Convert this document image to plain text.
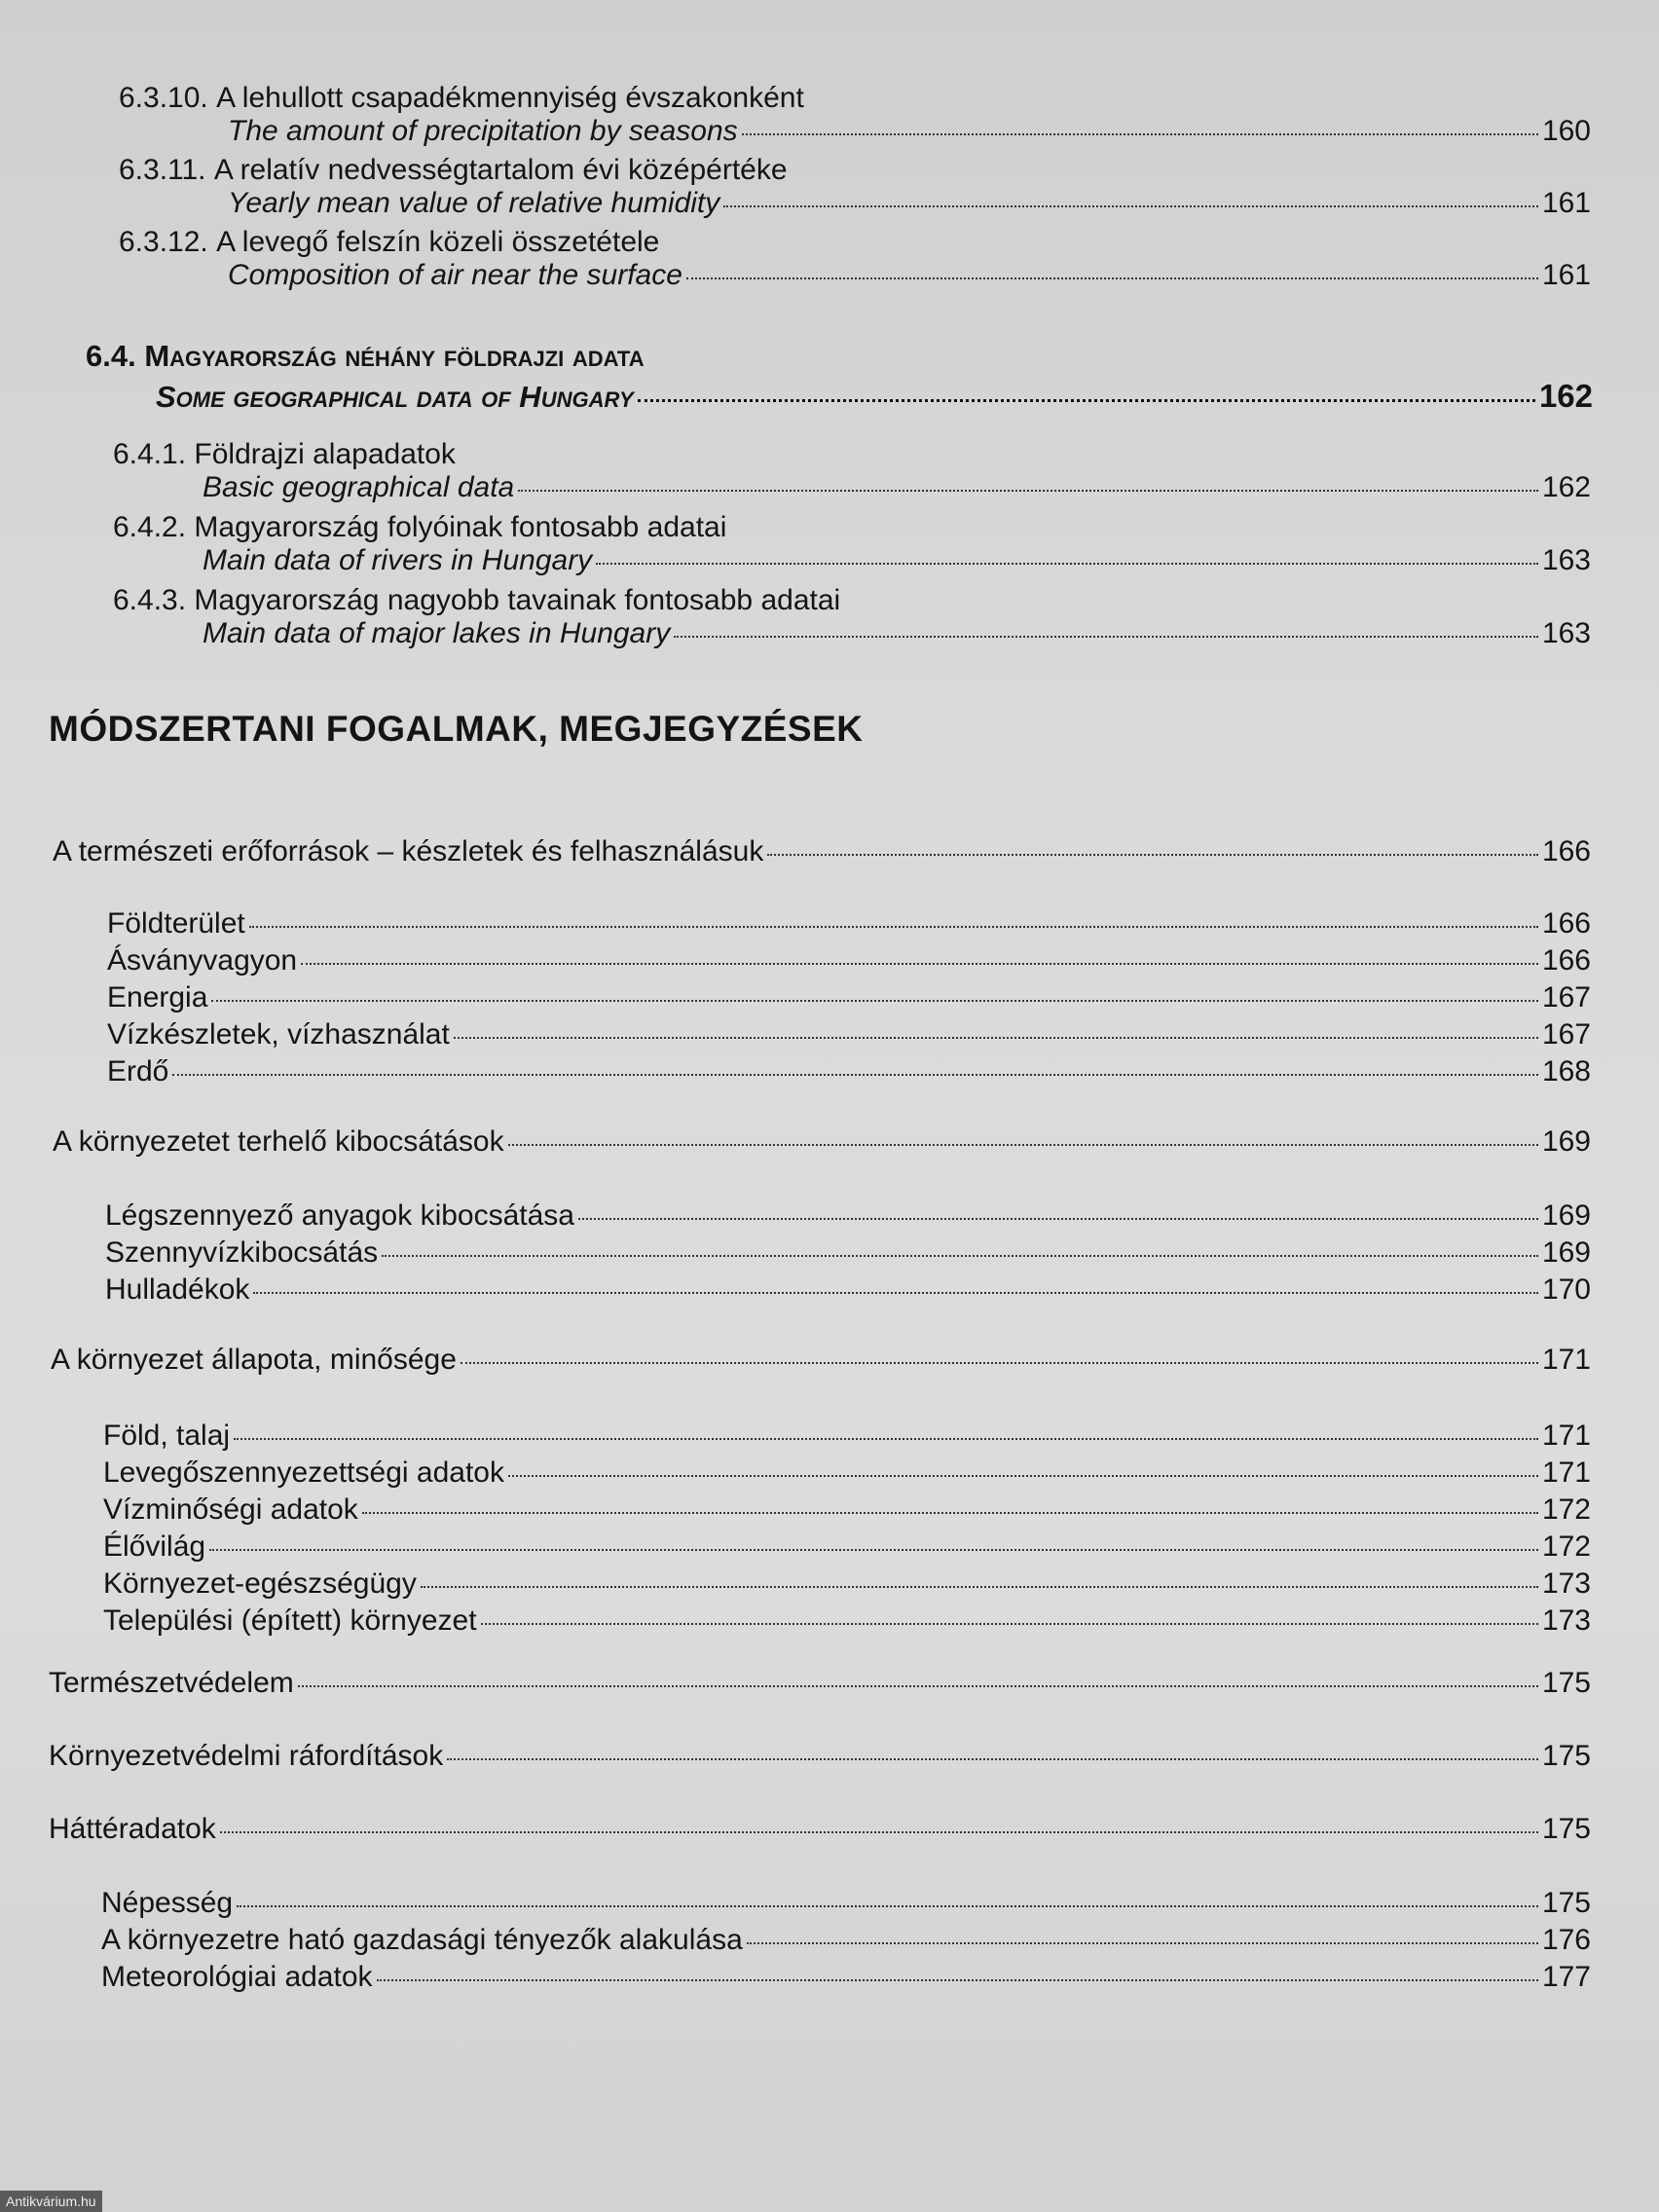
6.3.10.
A lehullott csapadékmennyiség évszakonként
The amount of precipitation by seasons	160
6.3.11.
A relatív nedvességtartalom évi középértéke
Yearly mean value of relative humidity	161
6.3.12.
A levegő felszín közeli összetétele
Composition of air near the surface	161
6.4.
Magyarország néhány földrajzi adata
Some geographical data of Hungary	162
6.4.1.
Földrajzi alapadatok
Basic geographical data	162
6.4.2.
Magyarország folyóinak fontosabb adatai
Main data of rivers in Hungary	163
6.4.3.
Magyarország nagyobb tavainak fontosabb adatai
Main data of major lakes in Hungary	163
MÓDSZERTANI FOGALMAK, MEGJEGYZÉSEK
A természeti erőforrások – készletek és felhasználásuk	166
Földterület	166
Ásványvagyon	166
Energia	167
Vízkészletek, vízhasználat	167
Erdő	168
A környezetet terhelő kibocsátások	169
Légszennyező anyagok kibocsátása	169
Szennyvízkibocsátás	169
Hulladékok	170
A környezet állapota, minősége	171
Föld, talaj	171
Levegőszennyezettségi adatok	171
Vízminőségi adatok	172
Élővilág	172
Környezet-egészségügy	173
Települési (épített) környezet	173
Természetvédelem	175
Környezetvédelmi ráfordítások	175
Háttéradatok	175
Népesség	175
A környezetre ható gazdasági tényezők alakulása	176
Meteorológiai adatok	177
Antikvárium.hu
